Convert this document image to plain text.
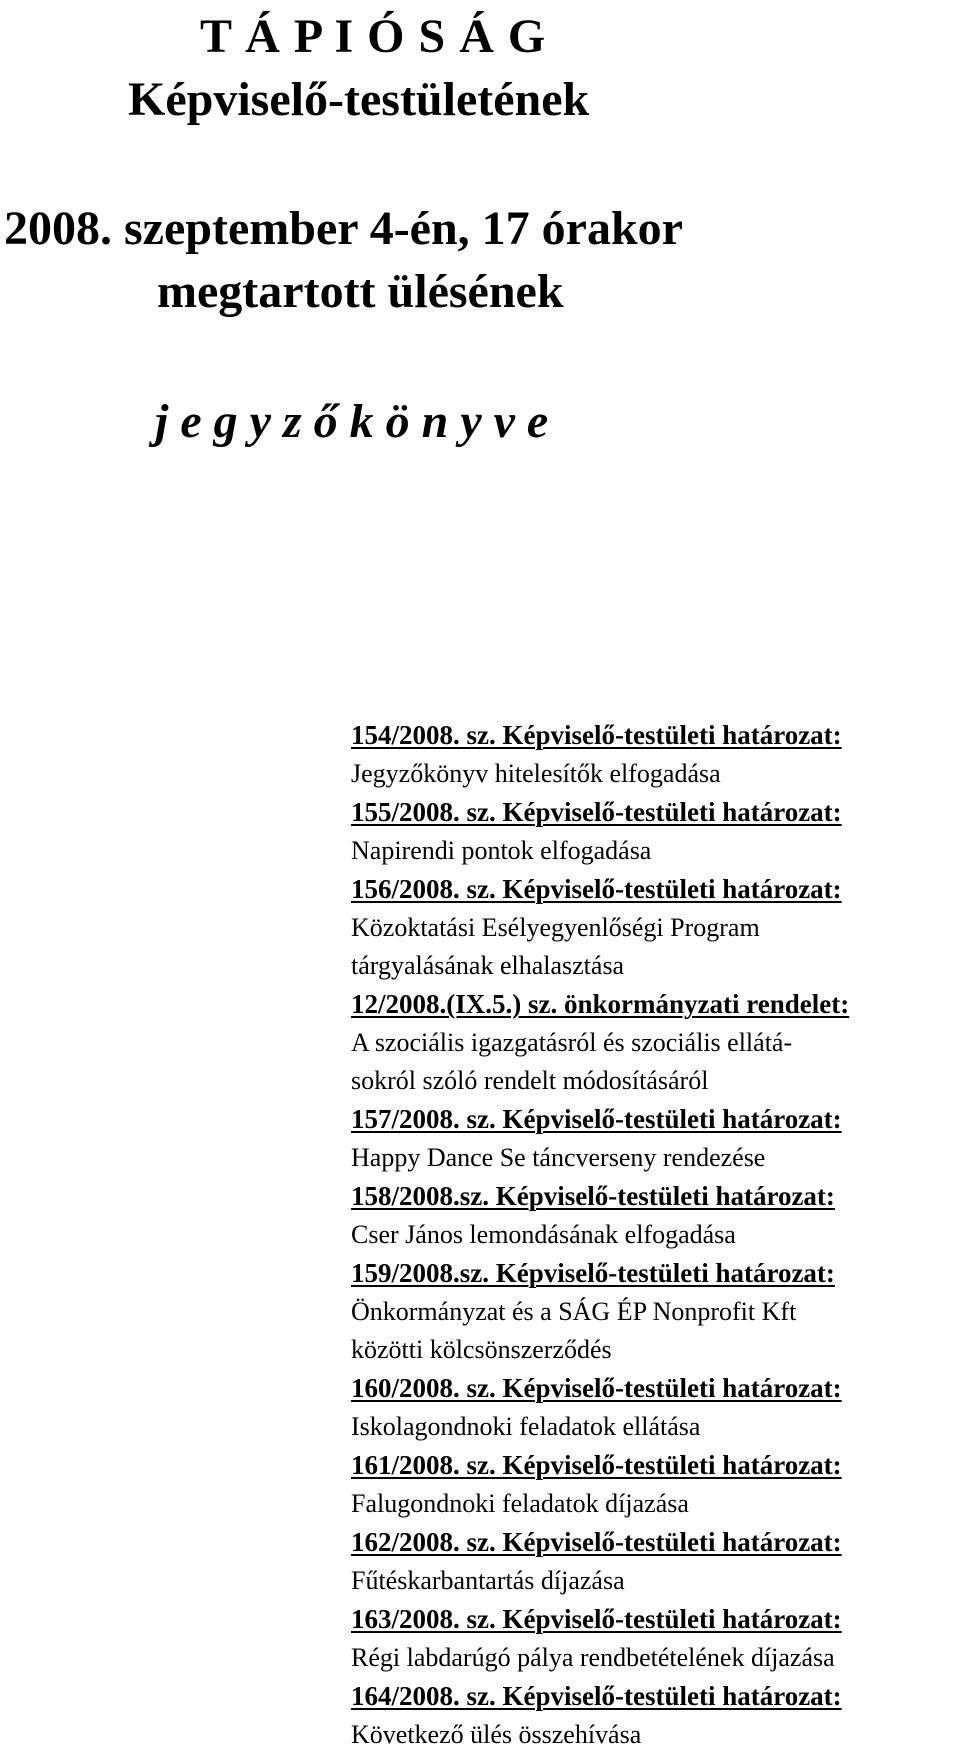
T Á P I Ó S Á G
Képviselő-testületének
2008. szeptember 4-én, 17 órakor
megtartott ülésének
j e g y z ő k ö n y v e
154/2008. sz. Képviselő-testületi határozat:
Jegyzőkönyv hitelesítők elfogadása
155/2008. sz. Képviselő-testületi határozat:
Napirendi pontok elfogadása
156/2008. sz. Képviselő-testületi határozat:
Közoktatási Esélyegyenlőségi Program
tárgyalásának elhalasztása
12/2008.(IX.5.) sz. önkormányzati rendelet:
A szociális igazgatásról és szociális ellátá-
sokról szóló rendelt módosításáról
157/2008. sz. Képviselő-testületi határozat:
Happy Dance Se táncverseny rendezése
158/2008.sz. Képviselő-testületi határozat:
Cser János lemondásának elfogadása
159/2008.sz. Képviselő-testületi határozat:
Önkormányzat és a SÁG ÉP Nonprofit Kft
közötti kölcsönszerződés
160/2008. sz. Képviselő-testületi határozat:
Iskolagondnoki feladatok ellátása
161/2008. sz. Képviselő-testületi határozat:
Falugondnoki feladatok díjazása
162/2008. sz. Képviselő-testületi határozat:
Fűtéskarbantartás díjazása
163/2008. sz. Képviselő-testületi határozat:
Régi labdarúgó pálya rendbetételének díjazása
164/2008. sz. Képviselő-testületi határozat:
Következő ülés összehívása
